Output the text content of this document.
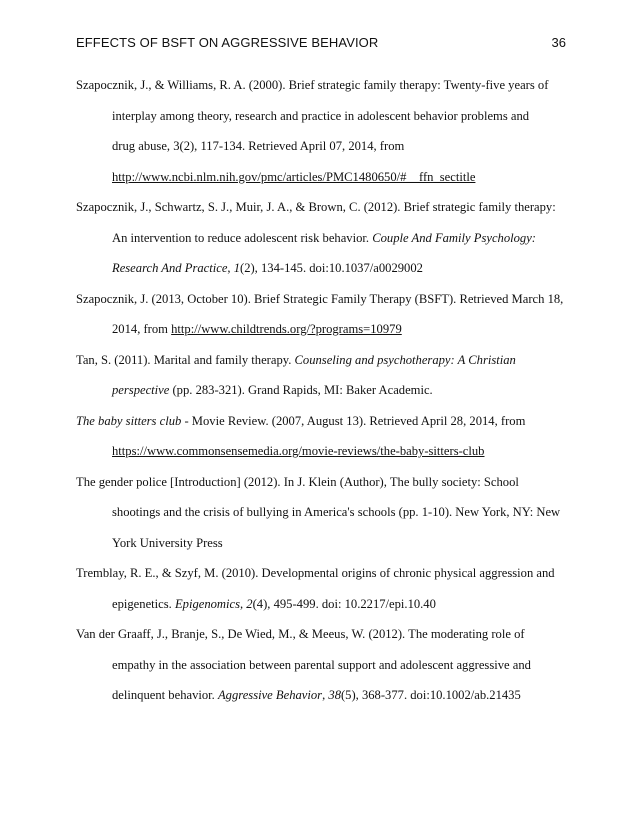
EFFECTS OF BSFT ON AGGRESSIVE BEHAVIOR	36
Szapocznik, J., & Williams, R. A. (2000). Brief strategic family therapy: Twenty-five years of
interplay among theory, research and practice in adolescent behavior problems and
drug abuse, 3(2), 117-134. Retrieved April 07, 2014, from
http://www.ncbi.nlm.nih.gov/pmc/articles/PMC1480650/#__ffn_sectitle
Szapocznik, J., Schwartz, S. J., Muir, J. A., & Brown, C. (2012). Brief strategic family therapy:
An intervention to reduce adolescent risk behavior. Couple And Family Psychology:
Research And Practice, 1(2), 134-145. doi:10.1037/a0029002
Szapocznik, J. (2013, October 10). Brief Strategic Family Therapy (BSFT). Retrieved March 18,
2014, from http://www.childtrends.org/?programs=10979
Tan, S. (2011). Marital and family therapy. Counseling and psychotherapy: A Christian
perspective (pp. 283-321). Grand Rapids, MI: Baker Academic.
The baby sitters club - Movie Review. (2007, August 13). Retrieved April 28, 2014, from
https://www.commonsensemedia.org/movie-reviews/the-baby-sitters-club
The gender police [Introduction] (2012). In J. Klein (Author), The bully society: School
shootings and the crisis of bullying in America's schools (pp. 1-10). New York, NY: New
York University Press
Tremblay, R. E., & Szyf, M. (2010). Developmental origins of chronic physical aggression and
epigenetics. Epigenomics, 2(4), 495-499. doi: 10.2217/epi.10.40
Van der Graaff, J., Branje, S., De Wied, M., & Meeus, W. (2012). The moderating role of
empathy in the association between parental support and adolescent aggressive and
delinquent behavior. Aggressive Behavior, 38(5), 368-377. doi:10.1002/ab.21435
